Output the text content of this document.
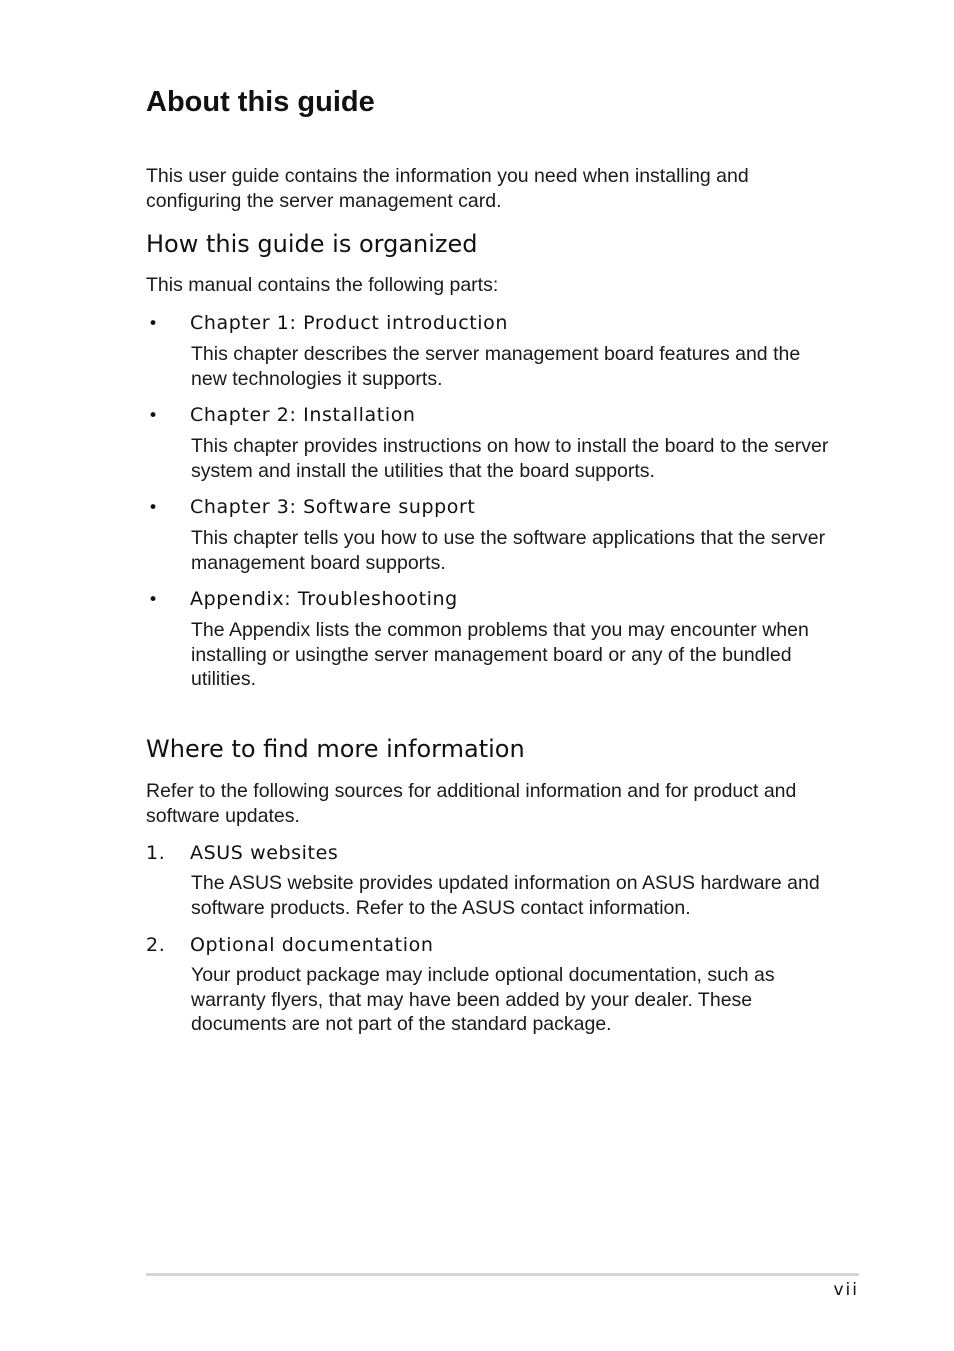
About this guide

This user guide contains the information you need when installing and configuring the server management card.

How this guide is organized

This manual contains the following parts:

• Chapter 1: Product introduction

This chapter describes the server management board features and the new technologies it supports.

• Chapter 2: Installation

This chapter provides instructions on how to install the board to the server system and install the utilities that the board supports.

• Chapter 3: Software support

This chapter tells you how to use the software applications that the server management board supports.

• Appendix: Troubleshooting

The Appendix lists the common problems that you may encounter when installing or usingthe server management board or any of the bundled utilities.

Where to find more information

Refer to the following sources for additional information and for product and software updates.

1. ASUS websites

The ASUS website provides updated information on ASUS hardware and software products. Refer to the ASUS contact information.

2. Optional documentation

Your product package may include optional documentation, such as warranty flyers, that may have been added by your dealer. These documents are not part of the standard package.

vii
